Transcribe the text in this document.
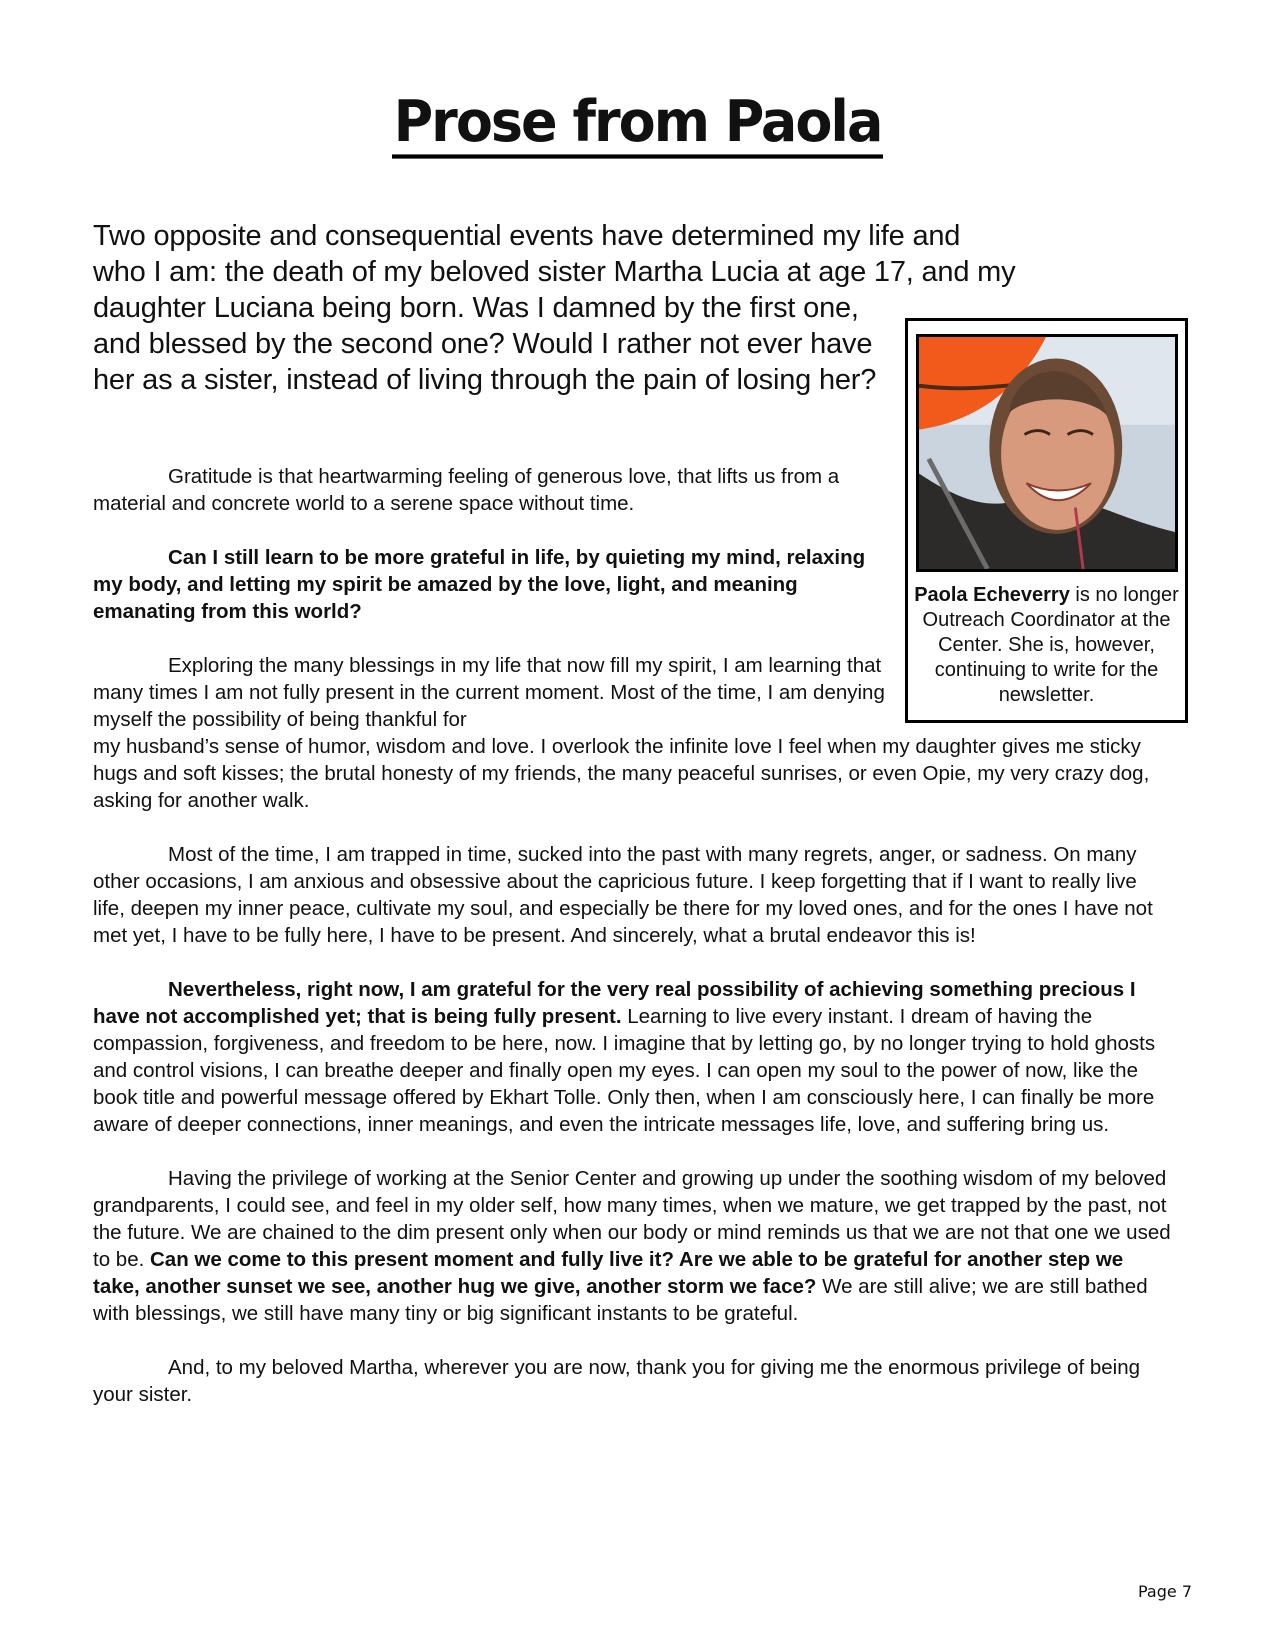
Prose from Paola
Two opposite and consequential events have determined my life and
who I am: the death of my beloved sister Martha Lucia at age 17, and my
daughter Luciana being born. Was I damned by the first one, and blessed by the second one? Would I rather not ever have her as a sister, instead of living through the pain of losing her?
Paola Echeverry is no longer Outreach Coordinator at the Center. She is, however, continuing to write for the newsletter.

Gratitude is that heartwarming feeling of generous love, that lifts us from a material and concrete world to a serene space without time.

Can I still learn to be more grateful in life, by quieting my mind, relaxing my body, and letting my spirit be amazed by the love, light, and meaning emanating from this world?

Exploring the many blessings in my life that now fill my spirit, I am learning that many times I am not fully present in the current moment. Most of the time, I am denying myself the possibility of being thankful for

my husband’s sense of humor, wisdom and love. I overlook the infinite love I feel when my daughter gives me sticky hugs and soft kisses; the brutal honesty of my friends, the many peaceful sunrises, or even Opie, my very crazy dog, asking for another walk.

Most of the time, I am trapped in time, sucked into the past with many regrets, anger, or sadness. On many other occasions, I am anxious and obsessive about the capricious future. I keep forgetting that if I want to really live life, deepen my inner peace, cultivate my soul, and especially be there for my loved ones, and for the ones I have not met yet, I have to be fully here, I have to be present. And sincerely, what a brutal endeavor this is!

Nevertheless, right now, I am grateful for the very real possibility of achieving something precious I have not accomplished yet; that is being fully present. Learning to live every instant. I dream of having the compassion, forgiveness, and freedom to be here, now. I imagine that by letting go, by no longer trying to hold ghosts and control visions, I can breathe deeper and finally open my eyes. I can open my soul to the power of now, like the book title and powerful message offered by Ekhart Tolle. Only then, when I am consciously here, I can finally be more aware of deeper connections, inner meanings, and even the intricate messages life, love, and suffering bring us.

Having the privilege of working at the Senior Center and growing up under the soothing wisdom of my beloved grandparents, I could see, and feel in my older self, how many times, when we mature, we get trapped by the past, not the future. We are chained to the dim present only when our body or mind reminds us that we are not that one we used to be. Can we come to this present moment and fully live it? Are we able to be grateful for another step we take, another sunset we see, another hug we give, another storm we face? We are still alive; we are still bathed with blessings, we still have many tiny or big significant instants to be grateful.

And, to my beloved Martha, wherever you are now, thank you for giving me the enormous privilege of being your sister.

Page 7
